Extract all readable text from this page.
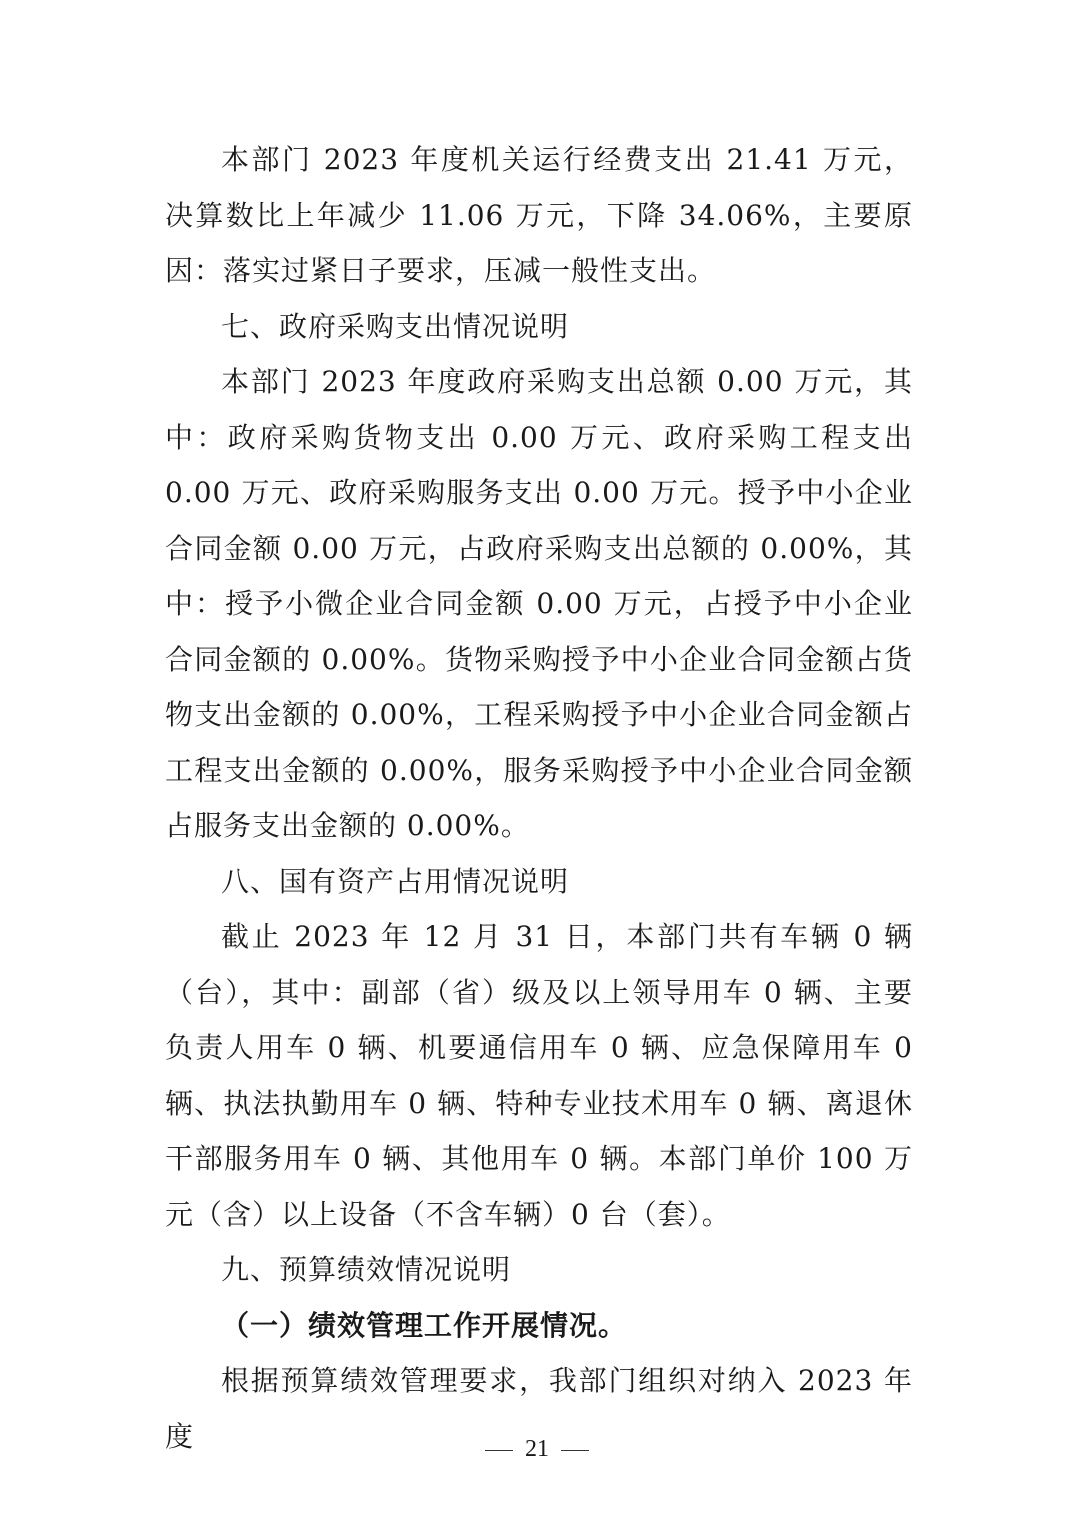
本部门 2023 年度机关运行经费支出 21.41 万元，决算数比上年减少 11.06 万元，下降 34.06%，主要原因：落实过紧日子要求，压减一般性支出。

七、政府采购支出情况说明

本部门 2023 年度政府采购支出总额 0.00 万元，其中：政府采购货物支出 0.00 万元、政府采购工程支出 0.00 万元、政府采购服务支出 0.00 万元。授予中小企业合同金额 0.00 万元，占政府采购支出总额的 0.00%，其中：授予小微企业合同金额 0.00 万元，占授予中小企业合同金额的 0.00%。货物采购授予中小企业合同金额占货物支出金额的 0.00%，工程采购授予中小企业合同金额占工程支出金额的 0.00%，服务采购授予中小企业合同金额占服务支出金额的 0.00%。

八、国有资产占用情况说明

截止 2023 年 12 月 31 日，本部门共有车辆 0 辆（台），其中：副部（省）级及以上领导用车 0 辆、主要负责人用车 0 辆、机要通信用车 0 辆、应急保障用车 0 辆、执法执勤用车 0 辆、特种专业技术用车 0 辆、离退休干部服务用车 0 辆、其他用车 0 辆。本部门单价 100 万元（含）以上设备（不含车辆）0 台（套）。

九、预算绩效情况说明

（一）绩效管理工作开展情况。

根据预算绩效管理要求，我部门组织对纳入 2023 年度	21
